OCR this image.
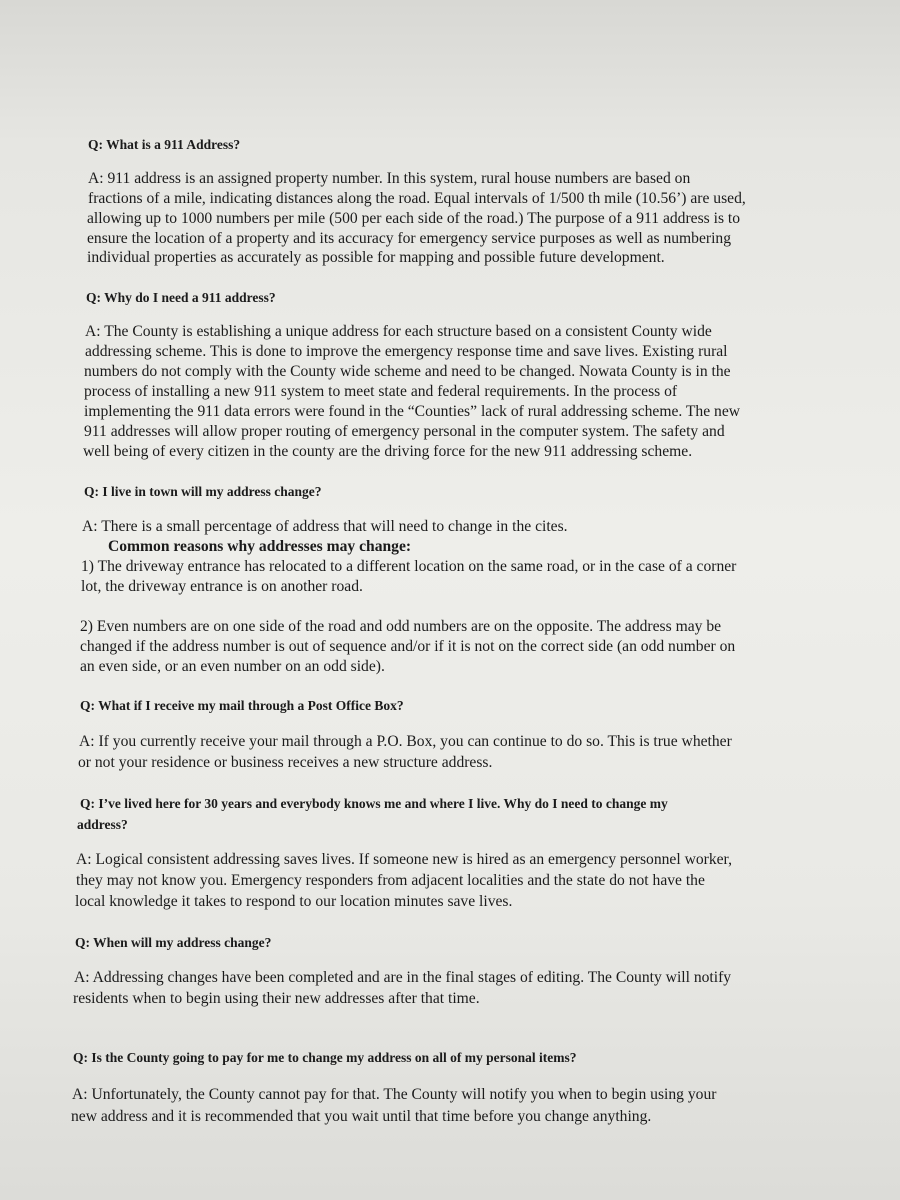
Q: What is a 911 Address?
A: 911 address is an assigned property number. In this system, rural house numbers are based on
fractions of a mile, indicating distances along the road. Equal intervals of 1/500 th mile (10.56’) are used,
allowing up to 1000 numbers per mile (500 per each side of the road.) The purpose of a 911 address is to
ensure the location of a property and its accuracy for emergency service purposes as well as numbering
individual properties as accurately as possible for mapping and possible future development.
Q: Why do I need a 911 address?
A: The County is establishing a unique address for each structure based on a consistent County wide
addressing scheme. This is done to improve the emergency response time and save lives. Existing rural
numbers do not comply with the County wide scheme and need to be changed. Nowata County is in the
process of installing a new 911 system to meet state and federal requirements. In the process of
implementing the 911 data errors were found in the “Counties” lack of rural addressing scheme. The new
911 addresses will allow proper routing of emergency personal in the computer system. The safety and
well being of every citizen in the county are the driving force for the new 911 addressing scheme.
Q: I live in town will my address change?
A: There is a small percentage of address that will need to change in the cites.
Common reasons why addresses may change:
1) The driveway entrance has relocated to a different location on the same road, or in the case of a corner
lot, the driveway entrance is on another road.
2) Even numbers are on one side of the road and odd numbers are on the opposite. The address may be
changed if the address number is out of sequence and/or if it is not on the correct side (an odd number on
an even side, or an even number on an odd side).
Q: What if I receive my mail through a Post Office Box?
A: If you currently receive your mail through a P.O. Box, you can continue to do so. This is true whether
or not your residence or business receives a new structure address.
Q: I’ve lived here for 30 years and everybody knows me and where I live. Why do I need to change my
address?
A: Logical consistent addressing saves lives. If someone new is hired as an emergency personnel worker,
they may not know you. Emergency responders from adjacent localities and the state do not have the
local knowledge it takes to respond to our location minutes save lives.
Q: When will my address change?
A: Addressing changes have been completed and are in the final stages of editing. The County will notify
residents when to begin using their new addresses after that time.
Q: Is the County going to pay for me to change my address on all of my personal items?
A: Unfortunately, the County cannot pay for that. The County will notify you when to begin using your
new address and it is recommended that you wait until that time before you change anything.
